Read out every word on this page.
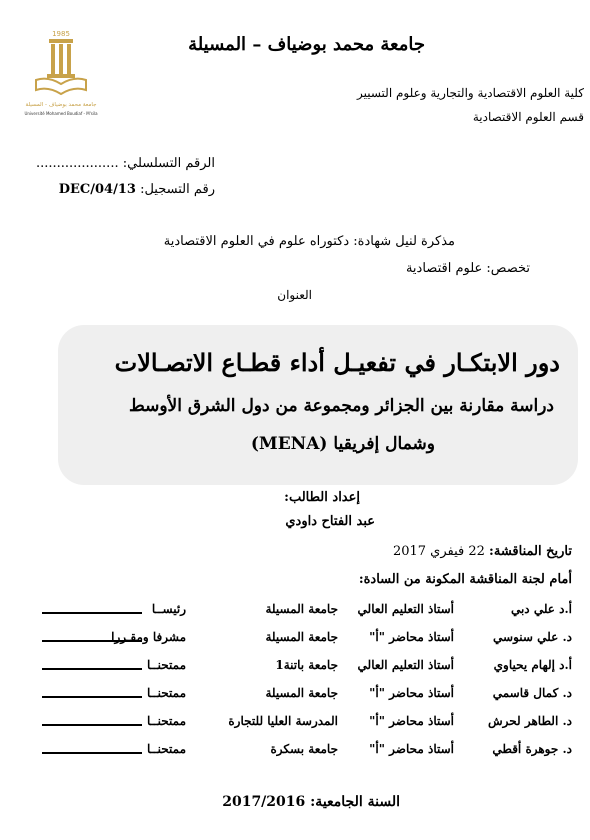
1985
جامعة محمد بوضياف - المسيلة
Université Mohamed Boudiaf - M'sila
جامعة محمد بوضياف – المسيلة
كلية العلوم الاقتصادية والتجارية وعلوم التسيير
قسم العلوم الاقتصادية
الرقم التسلسلي: ....................
رقم التسجيل: DEC/04/13
مذكرة لنيل شهادة: دكتوراه علوم في العلوم الاقتصادية
تخصص: علوم اقتصادية
العنوان
دور الابتكـار في تفعيـل أداء قطـاع الاتصـالات
دراسة مقارنة بين الجزائر ومجموعة من دول الشرق الأوسط
وشمال إفريقيا (MENA)
إعداد الطالب:
عبد الفتاح داودي
تاريخ المناقشة: 22 فيفري 2017
أمام لجنة المناقشة المكونة من السادة:
أ.د علي دبي
أستاذ التعليم العالي
جامعة المسيلة
رئيســا
د. علي سنوسي
أستاذ محاضر "أ"
جامعة المسيلة
مشرفا ومقـررا
أ.د إلهام يحياوي
أستاذ التعليم العالي
جامعة باتنة1
ممتحنــا
د. كمال قاسمي
أستاذ محاضر "أ"
جامعة المسيلة
ممتحنــا
د. الطاهر لحرش
أستاذ محاضر "أ"
المدرسة العليا للتجارة
ممتحنــا
د. جوهرة أقطي
أستاذ محاضر "أ"
جامعة بسكرة
ممتحنــا
السنة الجامعية: 2017/2016
